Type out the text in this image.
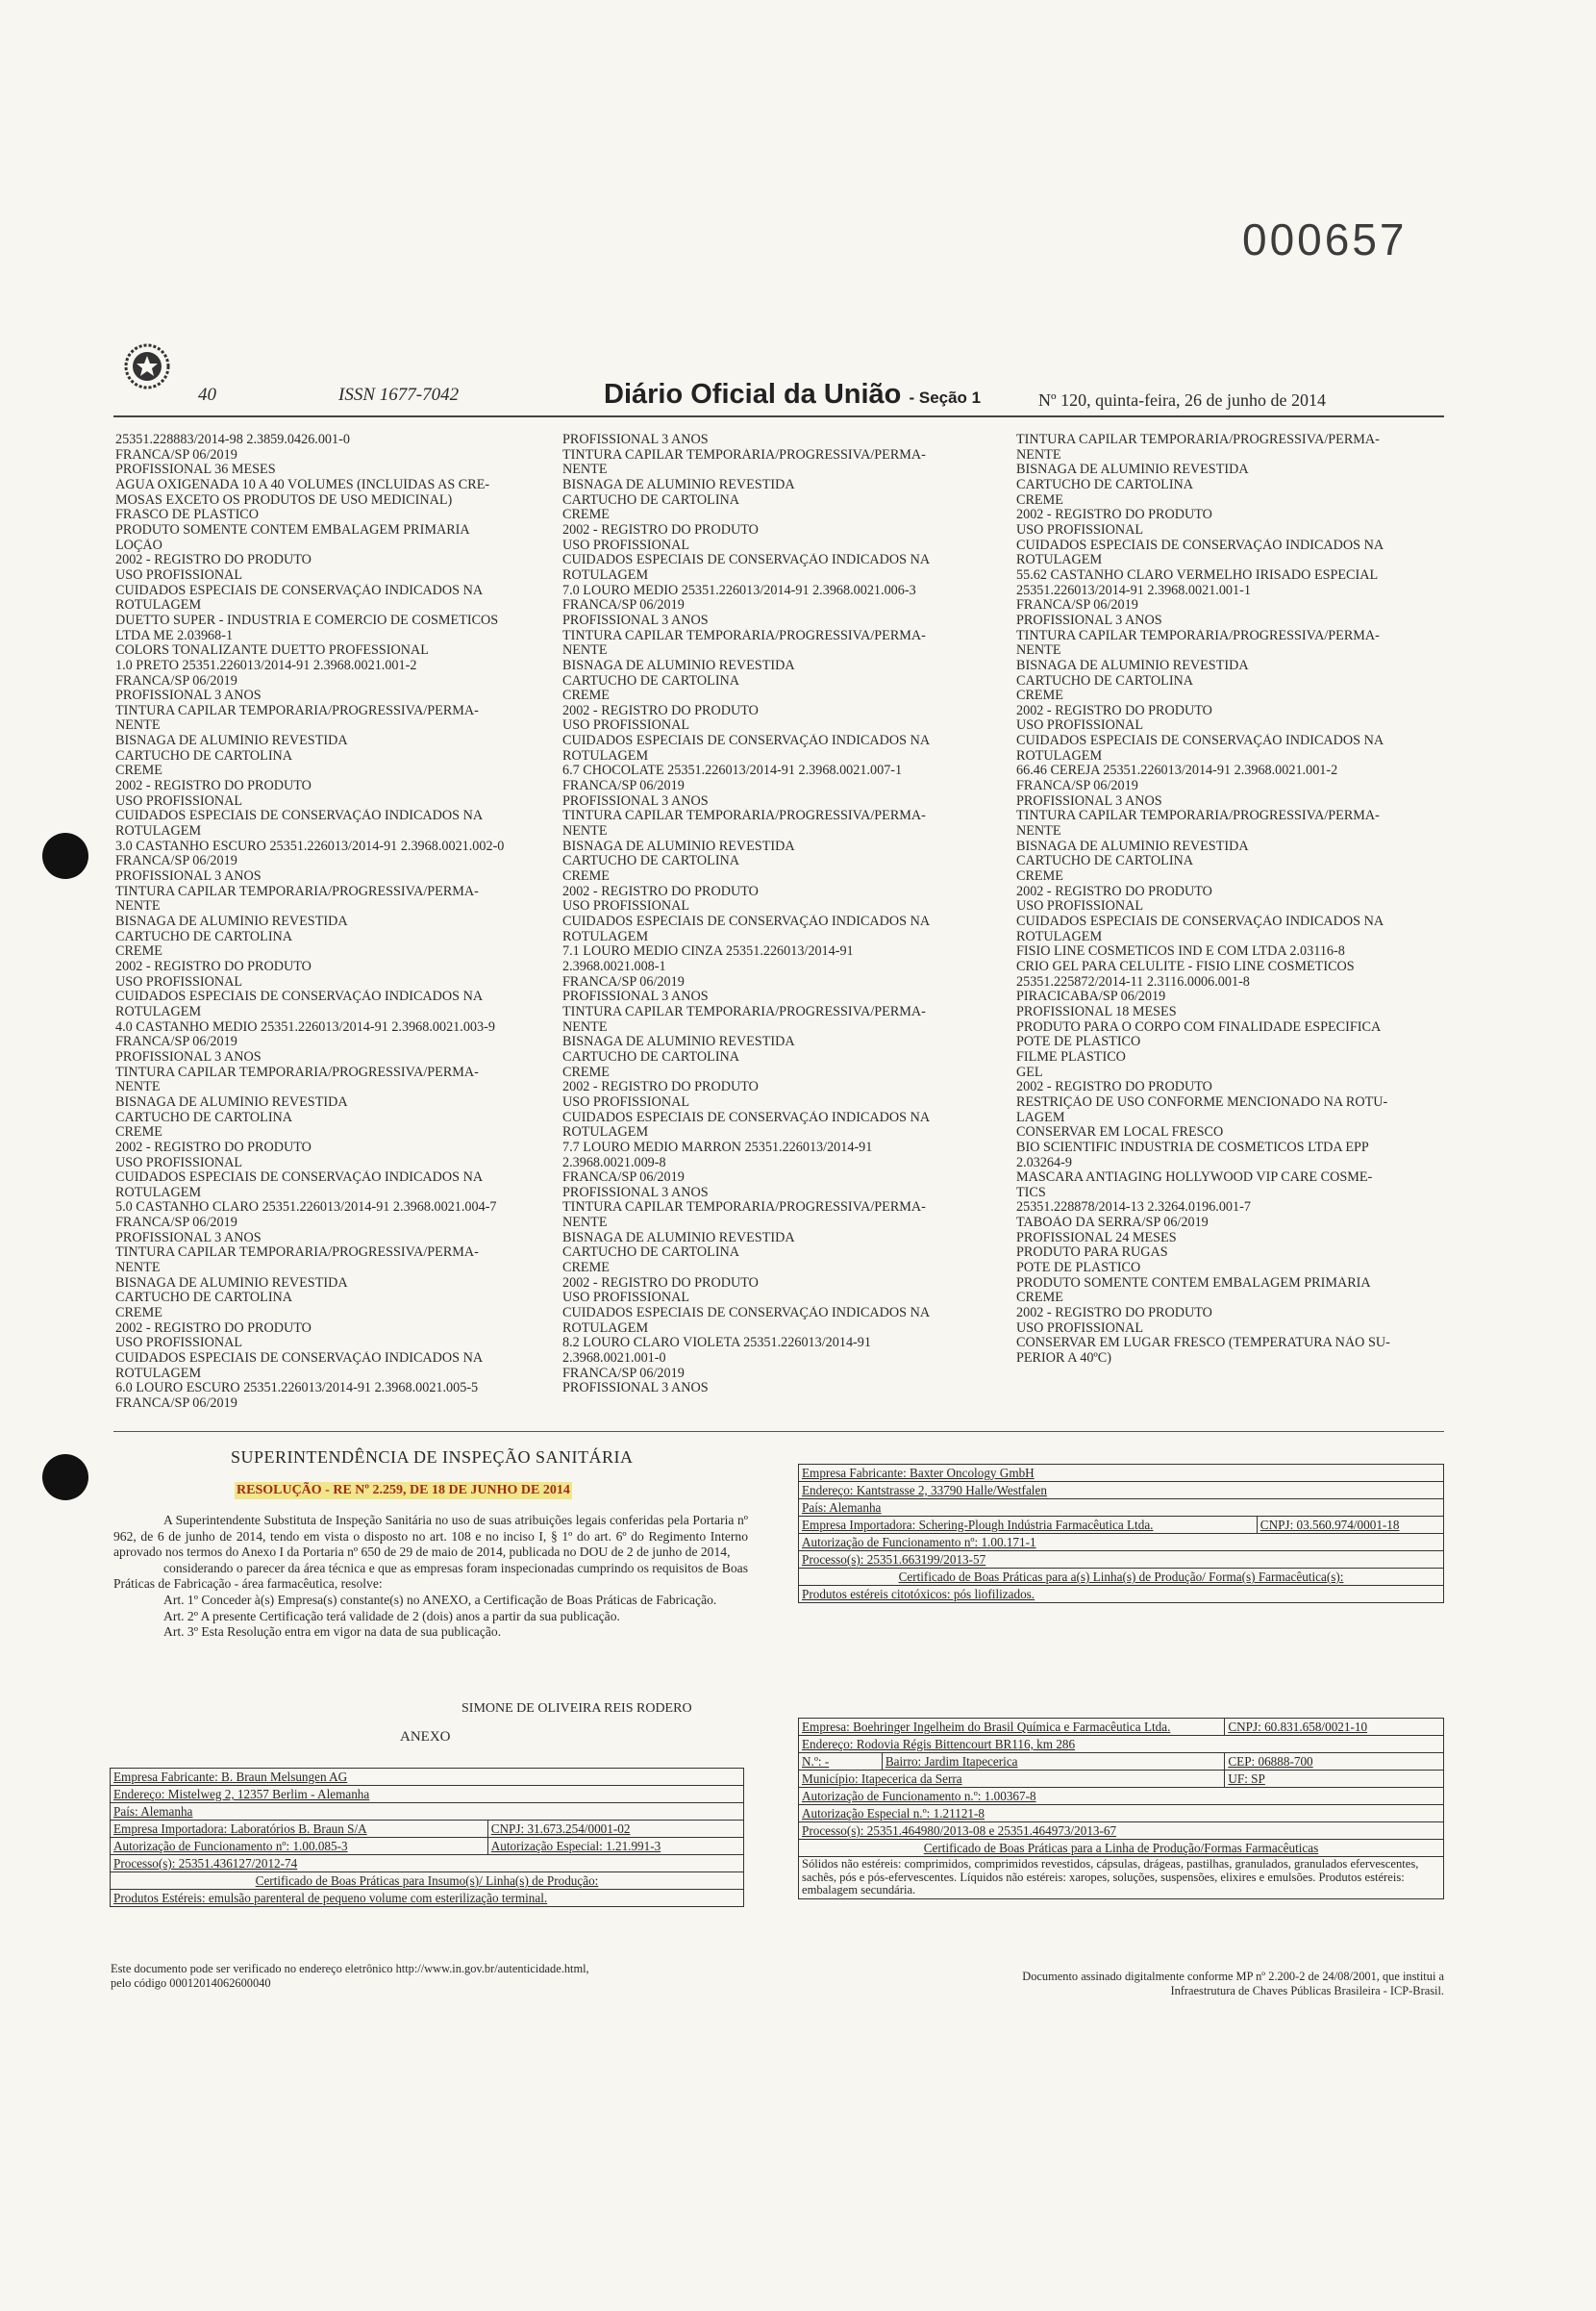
000657
40	ISSN 1677-7042	Diário Oficial da União - Seção 1	Nº 120, quinta-feira, 26 de junho de 2014
25351.228883/2014-98 2.3859.0426.001-0
FRANCA/SP 06/2019
PROFISSIONAL 36 MESES
ÁGUA OXIGENADA 10 A 40 VOLUMES (INCLUÍDAS AS CRE-
MOSAS EXCETO OS PRODUTOS DE USO MEDICINAL)
FRASCO DE PLÁSTICO
PRODUTO SOMENTE CONTÉM EMBALAGEM PRIMÁRIA
LOÇÃO
2002 - REGISTRO DO PRODUTO
USO PROFISSIONAL
CUIDADOS ESPECIAIS DE CONSERVAÇÃO INDICADOS NA
ROTULAGEM
DUETTO SUPER - INDÚSTRIA E COMÉRCIO DE COSMÉTICOS
LTDA ME 2.03968-1
COLORS TONALIZANTE DUETTO PROFESSIONAL
1.0 PRETO 25351.226013/2014-91 2.3968.0021.001-2
FRANCA/SP 06/2019
PROFISSIONAL 3 ANOS
TINTURA CAPILAR TEMPORÁRIA/PROGRESSIVA/PERMA-
NENTE
BISNAGA DE ALUMÍNIO REVESTIDA
CARTUCHO DE CARTOLINA
CREME
2002 - REGISTRO DO PRODUTO
USO PROFISSIONAL
CUIDADOS ESPECIAIS DE CONSERVAÇÃO INDICADOS NA
ROTULAGEM
3.0 CASTANHO ESCURO 25351.226013/2014-91 2.3968.0021.002-0
FRANCA/SP 06/2019
PROFISSIONAL 3 ANOS
TINTURA CAPILAR TEMPORÁRIA/PROGRESSIVA/PERMA-
NENTE
BISNAGA DE ALUMÍNIO REVESTIDA
CARTUCHO DE CARTOLINA
CREME
2002 - REGISTRO DO PRODUTO
USO PROFISSIONAL
CUIDADOS ESPECIAIS DE CONSERVAÇÃO INDICADOS NA
ROTULAGEM
4.0 CASTANHO MÉDIO 25351.226013/2014-91 2.3968.0021.003-9
FRANCA/SP 06/2019
PROFISSIONAL 3 ANOS
TINTURA CAPILAR TEMPORÁRIA/PROGRESSIVA/PERMA-
NENTE
BISNAGA DE ALUMÍNIO REVESTIDA
CARTUCHO DE CARTOLINA
CREME
2002 - REGISTRO DO PRODUTO
USO PROFISSIONAL
CUIDADOS ESPECIAIS DE CONSERVAÇÃO INDICADOS NA
ROTULAGEM
5.0 CASTANHO CLARO 25351.226013/2014-91 2.3968.0021.004-7
FRANCA/SP 06/2019
PROFISSIONAL 3 ANOS
TINTURA CAPILAR TEMPORÁRIA/PROGRESSIVA/PERMA-
NENTE
BISNAGA DE ALUMÍNIO REVESTIDA
CARTUCHO DE CARTOLINA
CREME
2002 - REGISTRO DO PRODUTO
USO PROFISSIONAL
CUIDADOS ESPECIAIS DE CONSERVAÇÃO INDICADOS NA
ROTULAGEM
6.0 LOURO ESCURO 25351.226013/2014-91 2.3968.0021.005-5
FRANCA/SP 06/2019
PROFISSIONAL 3 ANOS
TINTURA CAPILAR TEMPORÁRIA/PROGRESSIVA/PERMA-
NENTE
BISNAGA DE ALUMÍNIO REVESTIDA
CARTUCHO DE CARTOLINA
CREME
2002 - REGISTRO DO PRODUTO
USO PROFISSIONAL
CUIDADOS ESPECIAIS DE CONSERVAÇÃO INDICADOS NA
ROTULAGEM
7.0 LOURO MÉDIO 25351.226013/2014-91 2.3968.0021.006-3
FRANCA/SP 06/2019
PROFISSIONAL 3 ANOS
TINTURA CAPILAR TEMPORÁRIA/PROGRESSIVA/PERMA-
NENTE
BISNAGA DE ALUMÍNIO REVESTIDA
CARTUCHO DE CARTOLINA
CREME
2002 - REGISTRO DO PRODUTO
USO PROFISSIONAL
CUIDADOS ESPECIAIS DE CONSERVAÇÃO INDICADOS NA
ROTULAGEM
6.7 CHOCOLATE 25351.226013/2014-91 2.3968.0021.007-1
FRANCA/SP 06/2019
PROFISSIONAL 3 ANOS
TINTURA CAPILAR TEMPORÁRIA/PROGRESSIVA/PERMA-
NENTE
BISNAGA DE ALUMÍNIO REVESTIDA
CARTUCHO DE CARTOLINA
CREME
2002 - REGISTRO DO PRODUTO
USO PROFISSIONAL
CUIDADOS ESPECIAIS DE CONSERVAÇÃO INDICADOS NA
ROTULAGEM
7.1 LOURO MÉDIO CINZA 25351.226013/2014-91
2.3968.0021.008-1
FRANCA/SP 06/2019
PROFISSIONAL 3 ANOS
TINTURA CAPILAR TEMPORÁRIA/PROGRESSIVA/PERMA-
NENTE
BISNAGA DE ALUMÍNIO REVESTIDA
CARTUCHO DE CARTOLINA
CREME
2002 - REGISTRO DO PRODUTO
USO PROFISSIONAL
CUIDADOS ESPECIAIS DE CONSERVAÇÃO INDICADOS NA
ROTULAGEM
7.7 LOURO MÉDIO MARRON 25351.226013/2014-91
2.3968.0021.009-8
FRANCA/SP 06/2019
PROFISSIONAL 3 ANOS
TINTURA CAPILAR TEMPORÁRIA/PROGRESSIVA/PERMA-
NENTE
BISNAGA DE ALUMÍNIO REVESTIDA
CARTUCHO DE CARTOLINA
CREME
2002 - REGISTRO DO PRODUTO
USO PROFISSIONAL
CUIDADOS ESPECIAIS DE CONSERVAÇÃO INDICADOS NA
ROTULAGEM
8.2 LOURO CLARO VIOLETA 25351.226013/2014-91
2.3968.0021.001-0
FRANCA/SP 06/2019
PROFISSIONAL 3 ANOS
TINTURA CAPILAR TEMPORÁRIA/PROGRESSIVA/PERMA-
NENTE
BISNAGA DE ALUMÍNIO REVESTIDA
CARTUCHO DE CARTOLINA
CREME
2002 - REGISTRO DO PRODUTO
USO PROFISSIONAL
CUIDADOS ESPECIAIS DE CONSERVAÇÃO INDICADOS NA
ROTULAGEM
55.62 CASTANHO CLARO VERMELHO IRISADO ESPECIAL
25351.226013/2014-91 2.3968.0021.001-1
FRANCA/SP 06/2019
PROFISSIONAL 3 ANOS
TINTURA CAPILAR TEMPORÁRIA/PROGRESSIVA/PERMA-
NENTE
BISNAGA DE ALUMÍNIO REVESTIDA
CARTUCHO DE CARTOLINA
CREME
2002 - REGISTRO DO PRODUTO
USO PROFISSIONAL
CUIDADOS ESPECIAIS DE CONSERVAÇÃO INDICADOS NA
ROTULAGEM
66.46 CEREJA 25351.226013/2014-91 2.3968.0021.001-2
FRANCA/SP 06/2019
PROFISSIONAL 3 ANOS
TINTURA CAPILAR TEMPORÁRIA/PROGRESSIVA/PERMA-
NENTE
BISNAGA DE ALUMÍNIO REVESTIDA
CARTUCHO DE CARTOLINA
CREME
2002 - REGISTRO DO PRODUTO
USO PROFISSIONAL
CUIDADOS ESPECIAIS DE CONSERVAÇÃO INDICADOS NA
ROTULAGEM
FISIO LINE COSMETICOS IND E COM LTDA 2.03116-8
CRIO GEL PARA CELULITE - FISIO LINE COSMÉTICOS
25351.225872/2014-11 2.3116.0006.001-8
PIRACICABA/SP 06/2019
PROFISSIONAL 18 MESES
PRODUTO PARA O CORPO COM FINALIDADE ESPECÍFICA
POTE DE PLÁSTICO
FILME PLÁSTICO
GEL
2002 - REGISTRO DO PRODUTO
RESTRIÇÃO DE USO CONFORME MENCIONADO NA ROTU-
LAGEM
CONSERVAR EM LOCAL FRESCO
BIO SCIENTIFIC INDUSTRIA DE COSMÉTICOS LTDA EPP
2.03264-9
MASCARA ANTIAGING HOLLYWOOD VIP CARE COSME-
TICS
25351.228878/2014-13 2.3264.0196.001-7
TABOÃO DA SERRA/SP 06/2019
PROFISSIONAL 24 MESES
PRODUTO PARA RUGAS
POTE DE PLÁSTICO
PRODUTO SOMENTE CONTÉM EMBALAGEM PRIMÁRIA
CREME
2002 - REGISTRO DO PRODUTO
USO PROFISSIONAL
CONSERVAR EM LUGAR FRESCO (TEMPERATURA NÃO SU-
PERIOR A 40ºC)
SUPERINTENDÊNCIA DE INSPEÇÃO SANITÁRIA
RESOLUÇÃO - RE Nº 2.259, DE 18 DE JUNHO DE 2014

A Superintendente Substituta de Inspeção Sanitária no uso de suas atribuições legais conferidas pela Portaria nº 962, de 6 de junho de 2014, tendo em vista o disposto no art. 108 e no inciso I, § 1º do art. 6º do Regimento Interno aprovado nos termos do Anexo I da Portaria nº 650 de 29 de maio de 2014, publicada no DOU de 2 de junho de 2014,

considerando o parecer da área técnica e que as empresas foram inspecionadas cumprindo os requisitos de Boas Práticas de Fabricação - área farmacêutica, resolve:

Art. 1º Conceder à(s) Empresa(s) constante(s) no ANEXO, a Certificação de Boas Práticas de Fabricação.

Art. 2º A presente Certificação terá validade de 2 (dois) anos a partir da sua publicação.

Art. 3º Esta Resolução entra em vigor na data de sua publicação.

SIMONE DE OLIVEIRA REIS RODERO
ANEXO
Empresa Fabricante: B. Braun Melsungen AG	
Endereço: Mistelweg 2, 12357 Berlim - Alemanha	
País: Alemanha	
Empresa Importadora: Laboratórios B. Braun S/A	CNPJ: 31.673.254/0001-02
Autorização de Funcionamento nº: 1.00.085-3	Autorização Especial: 1.21.991-3
Processo(s): 25351.436127/2012-74	
Certificado de Boas Práticas para Insumo(s)/ Linha(s) de Produção:	
Produtos Estéreis: emulsão parenteral de pequeno volume com esterilização terminal.	
Empresa Fabricante: Baxter Oncology GmbH
Endereço: Kantstrasse 2, 33790 Halle/Westfalen
País: Alemanha
Empresa Importadora: Schering-Plough Indústria Farmacêutica Ltda.	CNPJ: 03.560.974/0001-18
Autorização de Funcionamento nº: 1.00.171-1
Processo(s): 25351.663199/2013-57
Certificado de Boas Práticas para a(s) Linha(s) de Produção/ Forma(s) Farmacêutica(s):
Produtos estéreis citotóxicos: pós liofilizados.
Empresa: Boehringer Ingelheim do Brasil Química e Farmacêutica Ltda.		CNPJ: 60.831.658/0021-10
Endereço: Rodovia Régis Bittencourt BR116, km 286		
N.º: -	Bairro: Jardim Itapecerica	CEP: 06888-700
Município: Itapecerica da Serra		UF: SP
Autorização de Funcionamento n.º: 1.00367-8		
Autorização Especial n.º: 1.21121-8		
Processo(s): 25351.464980/2013-08 e 25351.464973/2013-67		
Certificado de Boas Práticas para a Linha de Produção/Formas Farmacêuticas		
Sólidos não estéreis: comprimidos, comprimidos revestidos, cápsulas, drágeas, pastilhas, granulados, granulados efervescentes, sachês, pós e pós-efervescentes. Líquidos não estéreis: xaropes, soluções, suspensões, elixires e emulsões. Produtos estéreis: embalagem secundária.		
Este documento pode ser verificado no endereço eletrônico http://www.in.gov.br/autenticidade.html,
pelo código 00012014062600040	Documento assinado digitalmente conforme MP nº 2.200-2 de 24/08/2001, que institui a
Infraestrutura de Chaves Públicas Brasileira - ICP-Brasil.
